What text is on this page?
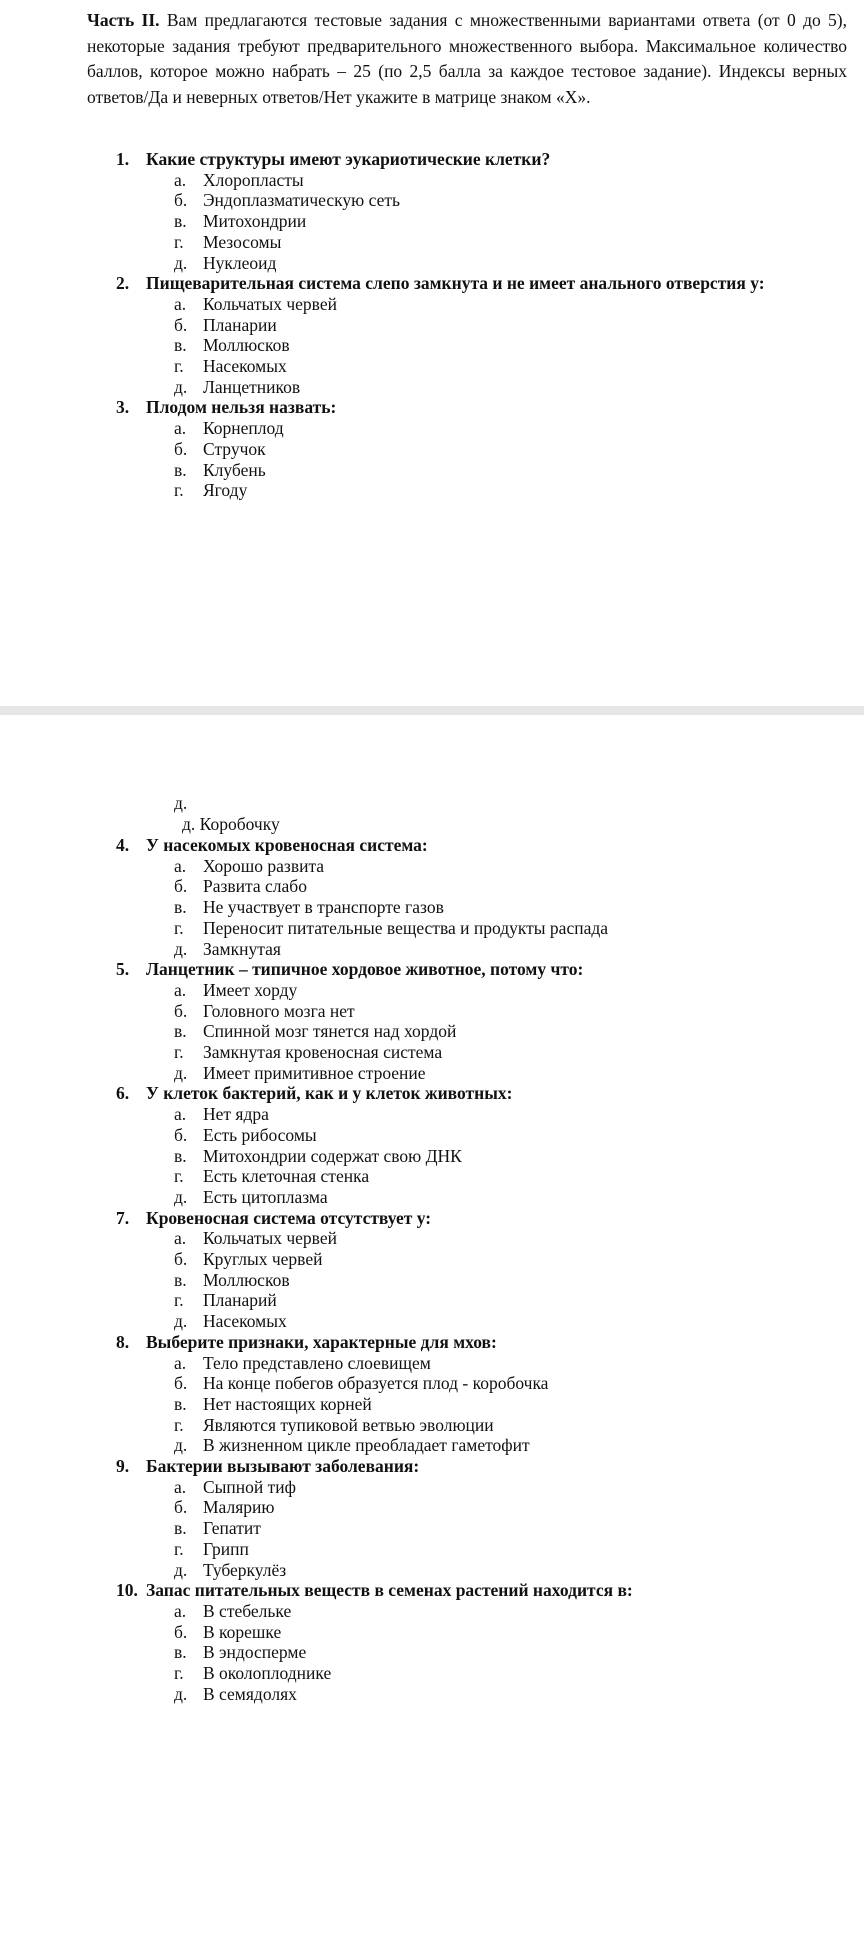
Часть II. Вам предлагаются тестовые задания с множественными вариантами ответа (от 0 до 5), некоторые задания требуют предварительного множественного выбора. Максимальное количество баллов, которое можно набрать – 25 (по 2,5 балла за каждое тестовое задание). Индексы верных ответов/Да и неверных ответов/Нет укажите в матрице знаком «Х».

1. Какие структуры имеют эукариотические клетки?
а. Хлоропласты
б. Эндоплазматическую сеть
в. Митохондрии
г. Мезосомы
д. Нуклеоид
2. Пищеварительная система слепо замкнута и не имеет анального отверстия у:
а. Кольчатых червей
б. Планарии
в. Моллюсков
г. Насекомых
д. Ланцетников
3. Плодом нельзя назвать:
а. Корнеплод
б. Стручок
в. Клубень
г. Ягоду
д.
д. Коробочку
4. У насекомых кровеносная система:
а. Хорошо развита
б. Развита слабо
в. Не участвует в транспорте газов
г. Переносит питательные вещества и продукты распада
д. Замкнутая
5. Ланцетник – типичное хордовое животное, потому что:
а. Имеет хорду
б. Головного мозга нет
в. Спинной мозг тянется над хордой
г. Замкнутая кровеносная система
д. Имеет примитивное строение
6. У клеток бактерий, как и у клеток животных:
а. Нет ядра
б. Есть рибосомы
в. Митохондрии содержат свою ДНК
г. Есть клеточная стенка
д. Есть цитоплазма
7. Кровеносная система отсутствует у:
а. Кольчатых червей
б. Круглых червей
в. Моллюсков
г. Планарий
д. Насекомых
8. Выберите признаки, характерные для мхов:
а. Тело представлено слоевищем
б. На конце побегов образуется плод - коробочка
в. Нет настоящих корней
г. Являются тупиковой ветвью эволюции
д. В жизненном цикле преобладает гаметофит
9. Бактерии вызывают заболевания:
а. Сыпной тиф
б. Малярию
в. Гепатит
г. Грипп
д. Туберкулёз
10. Запас питательных веществ в семенах растений находится в:
а. В стебельке
б. В корешке
в. В эндосперме
г. В околоплоднике
д. В семядолях
